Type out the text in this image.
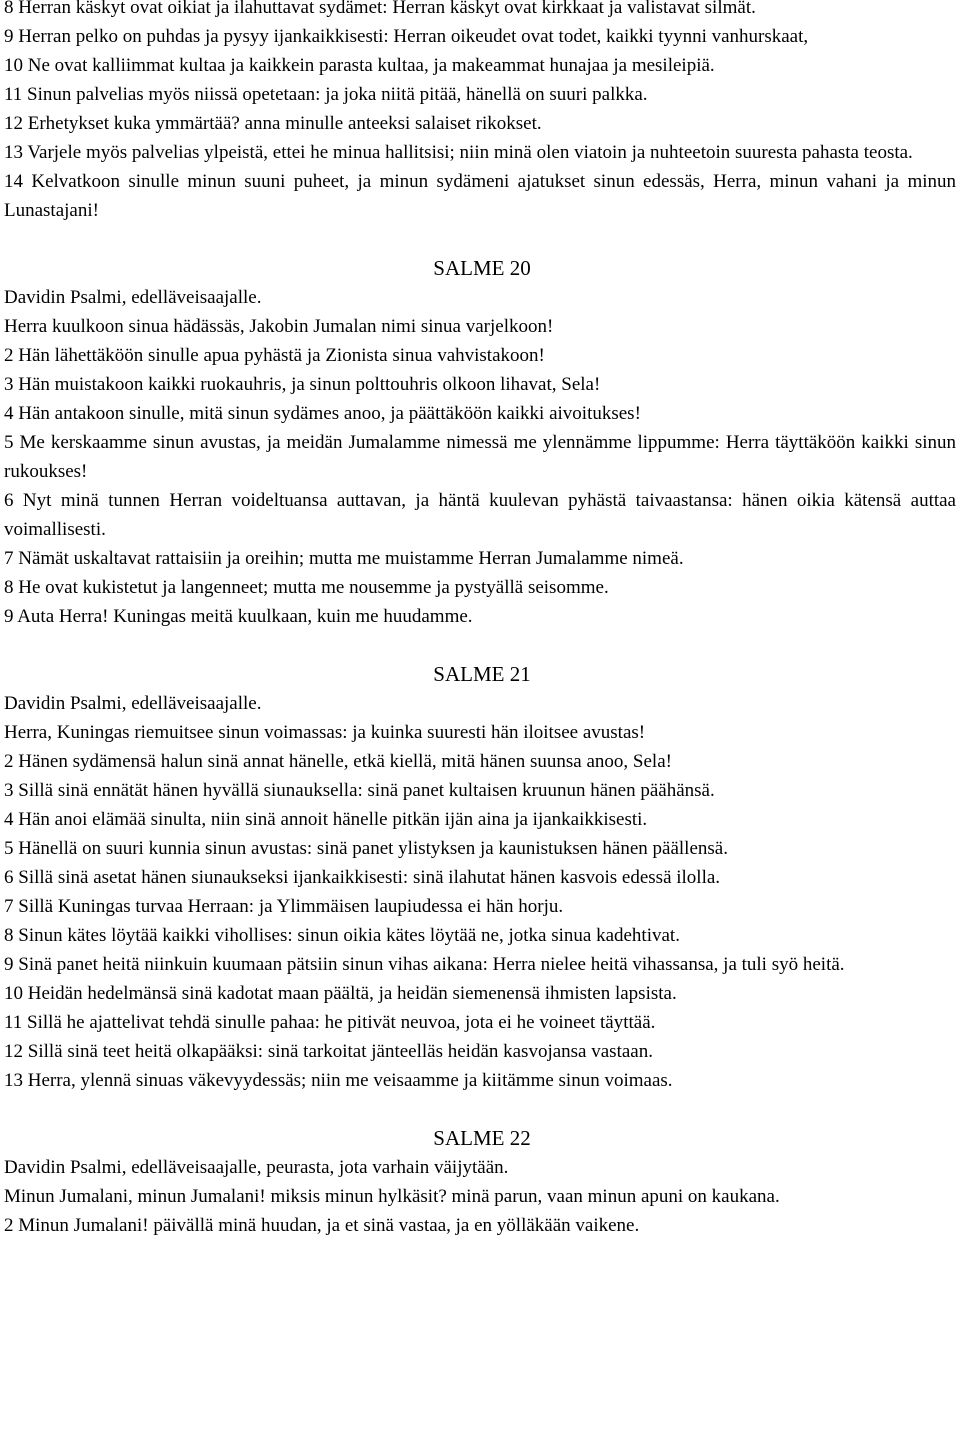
8 Herran käskyt ovat oikiat ja ilahuttavat sydämet: Herran käskyt ovat kirkkaat ja valistavat silmät.

9 Herran pelko on puhdas ja pysyy ijankaikkisesti: Herran oikeudet ovat todet, kaikki tyynni vanhurskaat,

10 Ne ovat kalliimmat kultaa ja kaikkein parasta kultaa, ja makeammat hunajaa ja mesileipiä.

11 Sinun palvelias myös niissä opetetaan: ja joka niitä pitää, hänellä on suuri palkka.

12 Erhetykset kuka ymmärtää? anna minulle anteeksi salaiset rikokset.

13 Varjele myös palvelias ylpeistä, ettei he minua hallitsisi; niin minä olen viatoin ja nuhteetoin suuresta pahasta teosta.

14 Kelvatkoon sinulle minun suuni puheet, ja minun sydämeni ajatukset sinun edessäs, Herra, minun vahani ja minun Lunastajani!

SALME 20

Davidin Psalmi, edelläveisaajalle.

Herra kuulkoon sinua hädässäs, Jakobin Jumalan nimi sinua varjelkoon!

2 Hän lähettäköön sinulle apua pyhästä ja Zionista sinua vahvistakoon!

3 Hän muistakoon kaikki ruokauhris, ja sinun polttouhris olkoon lihavat, Sela!

4 Hän antakoon sinulle, mitä sinun sydämes anoo, ja päättäköön kaikki aivoitukses!

5 Me kerskaamme sinun avustas, ja meidän Jumalamme nimessä me ylennämme lippumme: Herra täyttäköön kaikki sinun rukoukses!

6 Nyt minä tunnen Herran voideltuansa auttavan, ja häntä kuulevan pyhästä taivaastansa: hänen oikia kätensä auttaa voimallisesti.

7 Nämät uskaltavat rattaisiin ja oreihin; mutta me muistamme Herran Jumalamme nimeä.

8 He ovat kukistetut ja langenneet; mutta me nousemme ja pystyällä seisomme.

9 Auta Herra! Kuningas meitä kuulkaan, kuin me huudamme.

SALME 21

Davidin Psalmi, edelläveisaajalle.

Herra, Kuningas riemuitsee sinun voimassas: ja kuinka suuresti hän iloitsee avustas!

2 Hänen sydämensä halun sinä annat hänelle, etkä kiellä, mitä hänen suunsa anoo, Sela!

3 Sillä sinä ennätät hänen hyvällä siunauksella: sinä panet kultaisen kruunun hänen päähänsä.

4 Hän anoi elämää sinulta, niin sinä annoit hänelle pitkän ijän aina ja ijankaikkisesti.

5 Hänellä on suuri kunnia sinun avustas: sinä panet ylistyksen ja kaunistuksen hänen päällensä.

6 Sillä sinä asetat hänen siunaukseksi ijankaikkisesti: sinä ilahutat hänen kasvois edessä ilolla.

7 Sillä Kuningas turvaa Herraan: ja Ylimmäisen laupiudessa ei hän horju.

8 Sinun kätes löytää kaikki vihollises: sinun oikia kätes löytää ne, jotka sinua kadehtivat.

9 Sinä panet heitä niinkuin kuumaan pätsiin sinun vihas aikana: Herra nielee heitä vihassansa, ja tuli syö heitä.

10 Heidän hedelmänsä sinä kadotat maan päältä, ja heidän siemenensä ihmisten lapsista.

11 Sillä he ajattelivat tehdä sinulle pahaa: he pitivät neuvoa, jota ei he voineet täyttää.

12 Sillä sinä teet heitä olkapääksi: sinä tarkoitat jänteelläs heidän kasvojansa vastaan.

13 Herra, ylennä sinuas väkevyydessäs; niin me veisaamme ja kiitämme sinun voimaas.

SALME 22

Davidin Psalmi, edelläveisaajalle, peurasta, jota varhain väijytään.

Minun Jumalani, minun Jumalani! miksis minun hylkäsit? minä parun, vaan minun apuni on kaukana.

2 Minun Jumalani! päivällä minä huudan, ja et sinä vastaa, ja en yölläkään vaikene.
